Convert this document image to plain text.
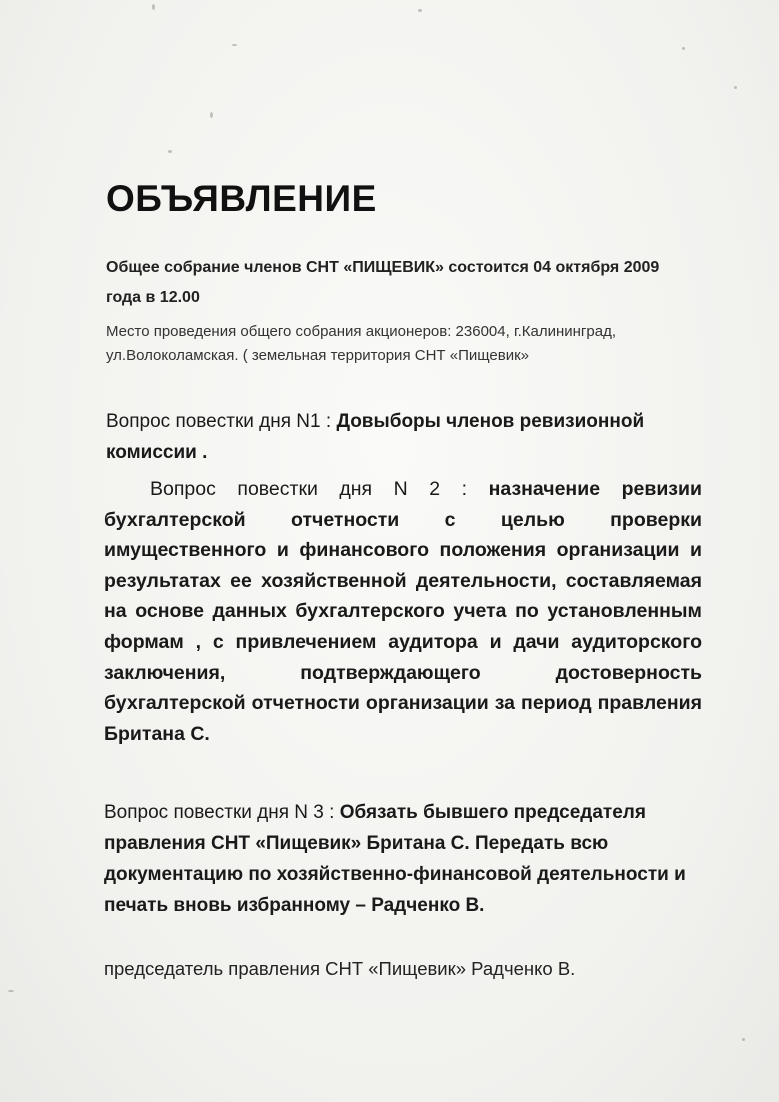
ОБЪЯВЛЕНИЕ

Общее собрание членов СНТ «ПИЩЕВИК» состоится 04 октября 2009 года в 12.00

Место проведения общего собрания акционеров: 236004, г.Калининград, ул.Волоколамская. ( земельная территория СНТ «Пищевик»

Вопрос повестки дня N1 : Довыборы членов ревизионной комиссии .

Вопрос повестки дня N 2 : назначение ревизии бухгалтерской отчетности с целью проверки имущественного и финансового положения организации и результатах ее хозяйственной деятельности, составляемая на основе данных бухгалтерского учета по установленным формам , с привлечением аудитора и дачи аудиторского заключения, подтверждающего достоверность бухгалтерской отчетности организации за период правления Британа С.

Вопрос повестки дня N 3 : Обязать бывшего председателя правления СНТ «Пищевик» Британа С. Передать всю документацию по хозяйственно-финансовой деятельности и печать вновь избранному – Радченко В.

председатель правления СНТ «Пищевик» Радченко В.
